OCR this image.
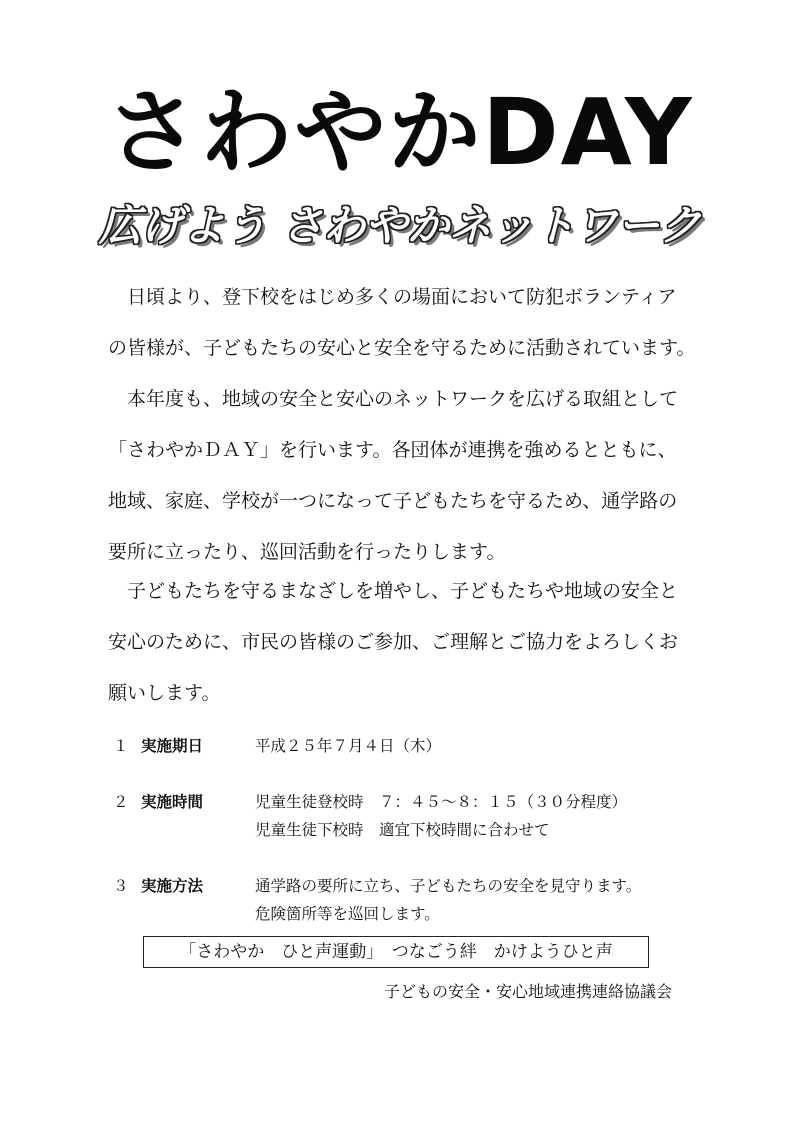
さわやかDAY
広げよう さわやかネットワーク

　日頃より、登下校をはじめ多くの場面において防犯ボランティア

の皆様が、子どもたちの安心と安全を守るために活動されています。

　本年度も、地域の安全と安心のネットワークを広げる取組として

「さわやかＤＡＹ」を行います。各団体が連携を強めるとともに、

地域、家庭、学校が一つになって子どもたちを守るため、通学路の

要所に立ったり、巡回活動を行ったりします。

　子どもたちを守るまなざしを増やし、子どもたちや地域の安全と

安心のために、市民の皆様のご参加、ご理解とご協力をよろしくお

願いします。

１ 実施期日	平成２５年７月４日（木）
２ 実施時間	児童生徒登校時　７：４５～８：１５（３０分程度）
児童生徒下校時　適宜下校時間に合わせて
３ 実施方法	通学路の要所に立ち、子どもたちの安全を見守ります。
危険箇所等を巡回します。
「さわやか　ひと声運動」　つなごう絆　かけようひと声
子どもの安全・安心地域連携連絡協議会
